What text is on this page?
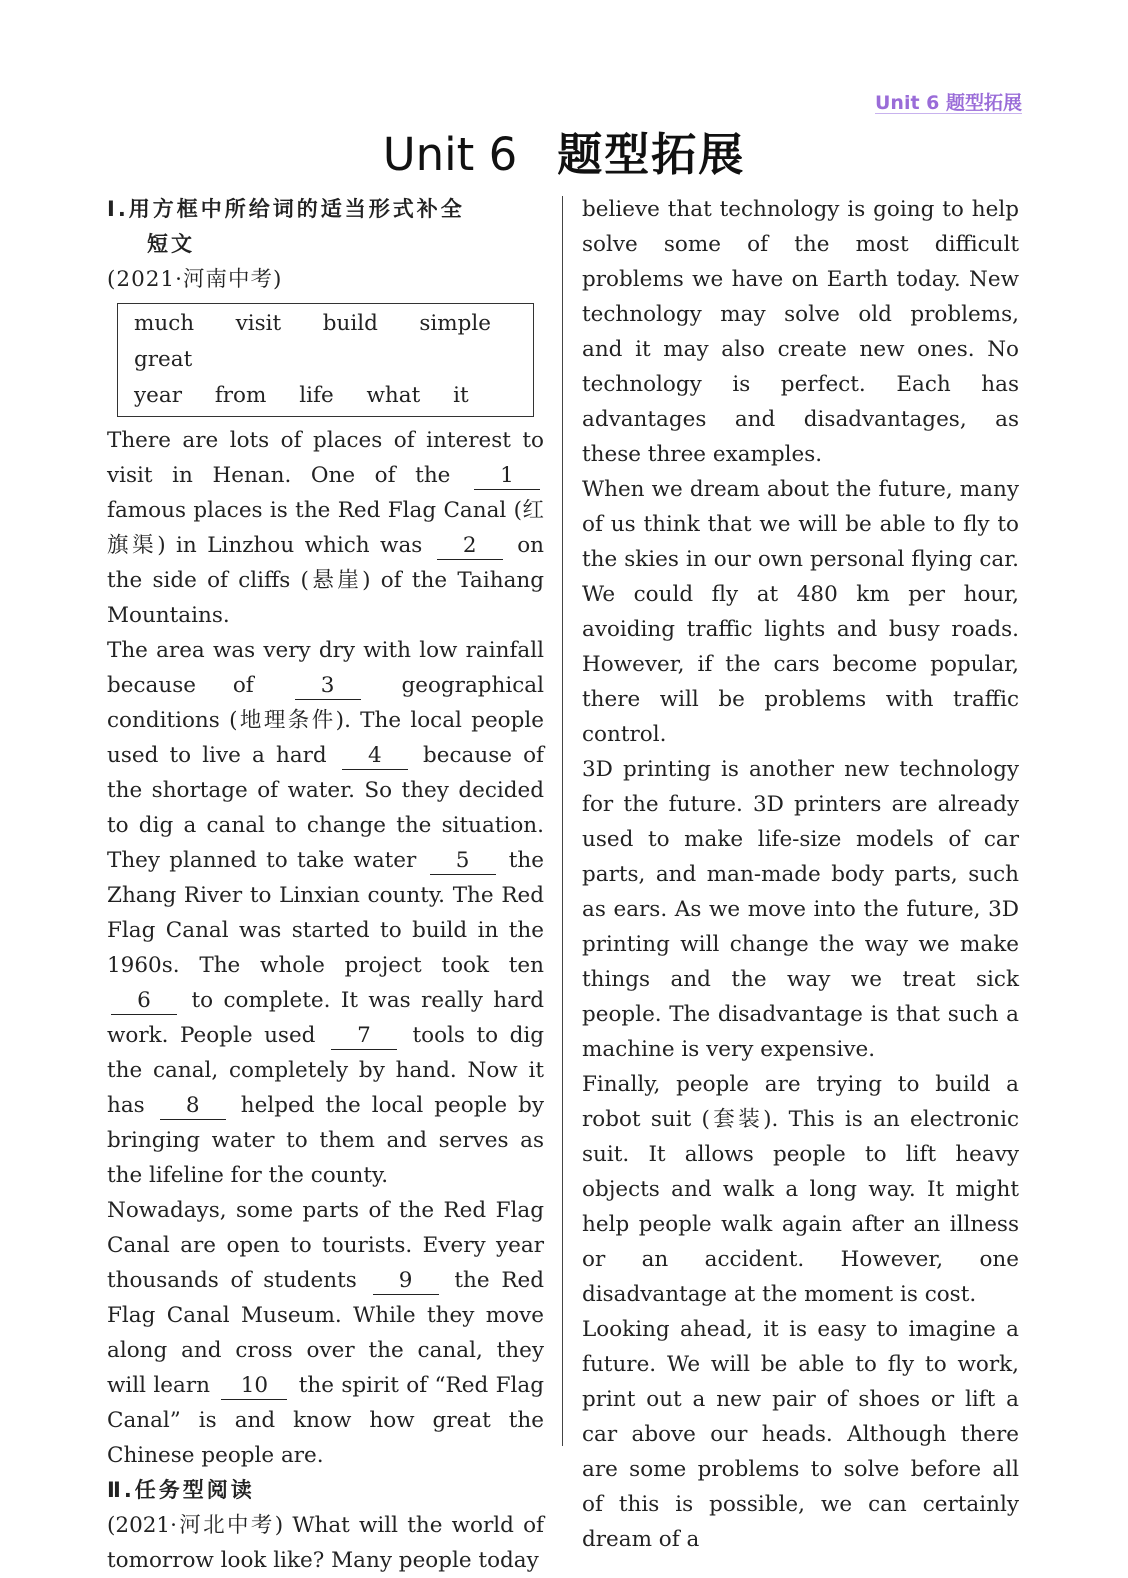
Unit 6 题型拓展
Unit 6 题型拓展
Ⅰ.用方框中所给词的适当形式补全
短文
(2021·河南中考)
much visit build simple great
year from life what it

There are lots of places of interest to visit in Henan. One of the 1 famous places is the Red Flag Canal (红旗渠) in Linzhou which was 2 on the side of cliffs (悬崖) of the Taihang Mountains.

The area was very dry with low rainfall because of	3	geographical conditions (地理条件). The local people used to live a hard 4 because of the shortage of water. So they decided to dig a canal to change the situation. They planned to take water 5 the Zhang River to Linxian county. The Red Flag Canal was started to build in the 1960s. The whole project took ten 6 to complete. It was really hard work. People used 7 tools to dig the canal, completely by hand. Now it has 8 helped the local people by bringing water to them and serves as the lifeline for the county.

Nowadays, some parts of the Red Flag Canal are open to tourists. Every year thousands of students 9 the Red Flag Canal Museum. While they move along and cross over the canal, they will learn 10 the spirit of “Red Flag Canal” is and know how great the Chinese people are.

Ⅱ.任务型阅读

(2021·河北中考) What will the world of tomorrow look like? Many people today

believe that technology is going to help solve some of the most difficult problems we have on Earth today. New technology may solve old problems, and it may also create new ones. No technology is perfect. Each has advantages and disadvantages, as these three examples.

When we dream about the future, many of us think that we will be able to fly to the skies in our own personal flying car. We could fly at 480 km per hour, avoiding traffic lights and busy roads. However, if the cars become popular, there will be problems with traffic control.

3D printing is another new technology for the future. 3D printers are already used to make life-size models of car parts, and man-made body parts, such as ears. As we move into the future, 3D printing will change the way we make things and the way we treat sick people. The disadvantage is that such a machine is very expensive.

Finally, people are trying to build a robot suit (套装). This is an electronic suit. It allows people to lift heavy objects and walk a long way. It might help people walk again after an illness or an accident. However, one disadvantage at the moment is cost.

Looking ahead, it is easy to imagine a future. We will be able to fly to work, print out a new pair of shoes or lift a car above our heads. Although there are some problems to solve before all of this is possible, we can certainly dream of a
